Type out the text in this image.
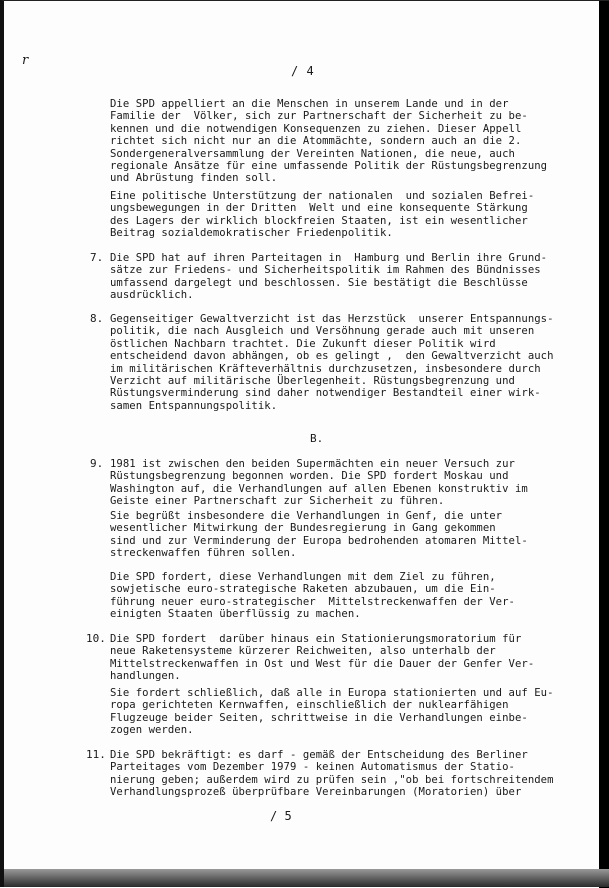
r
/ 4

Die SPD appelliert an die Menschen in unserem Lande und in der
Familie der  Völker, sich zur Partnerschaft der Sicherheit zu be-
kennen und die notwendigen Konsequenzen zu ziehen. Dieser Appell
richtet sich nicht nur an die Atommächte, sondern auch an die 2.
Sondergeneralversammlung der Vereinten Nationen, die neue, auch
regionale Ansätze für eine umfassende Politik der Rüstungsbegrenzung
und Abrüstung finden soll.

Eine politische Unterstützung der nationalen  und sozialen Befrei-
ungsbewegungen in der Dritten  Welt und eine konsequente Stärkung
des Lagers der wirklich blockfreien Staaten, ist ein wesentlicher
Beitrag sozialdemokratischer Friedenpolitik.

7. Die SPD hat auf ihren Parteitagen in  Hamburg und Berlin ihre Grund-
sätze zur Friedens- und Sicherheitspolitik im Rahmen des Bündnisses
umfassend dargelegt und beschlossen. Sie bestätigt die Beschlüsse
ausdrücklich.

8. Gegenseitiger Gewaltverzicht ist das Herzstück  unserer Entspannungs-
politik, die nach Ausgleich und Versöhnung gerade auch mit unseren
östlichen Nachbarn trachtet. Die Zukunft dieser Politik wird
entscheidend davon abhängen, ob es gelingt ,  den Gewaltverzicht auch
im militärischen Kräfteverhältnis durchzusetzen, insbesondere durch
Verzicht auf militärische Überlegenheit. Rüstungsbegrenzung und
Rüstungsverminderung sind daher notwendiger Bestandteil einer wirk-
samen Entspannungspolitik.

B.
9. 1981 ist zwischen den beiden Supermächten ein neuer Versuch zur
Rüstungsbegrenzung begonnen worden. Die SPD fordert Moskau und
Washington auf, die Verhandlungen auf allen Ebenen konstruktiv im
Geiste einer Partnerschaft zur Sicherheit zu führen.

Sie begrüßt insbesondere die Verhandlungen in Genf, die unter
wesentlicher Mitwirkung der Bundesregierung in Gang gekommen
sind und zur Verminderung der Europa bedrohenden atomaren Mittel-
streckenwaffen führen sollen.

Die SPD fordert, diese Verhandlungen mit dem Ziel zu führen,
sowjetische euro-strategische Raketen abzubauen, um die Ein-
führung neuer euro-strategischer  Mittelstreckenwaffen der Ver-
einigten Staaten überflüssig zu machen.

10. Die SPD fordert  darüber hinaus ein Stationierungsmoratorium für
neue Raketensysteme kürzerer Reichweiten, also unterhalb der
Mittelstreckenwaffen in Ost und West für die Dauer der Genfer Ver-
handlungen.

Sie fordert schließlich, daß alle in Europa stationierten und auf Eu-
ropa gerichteten Kernwaffen, einschließlich der nuklearfähigen
Flugzeuge beider Seiten, schrittweise in die Verhandlungen einbe-
zogen werden.

11. Die SPD bekräftigt: es darf - gemäß der Entscheidung des Berliner
Parteitages vom Dezember 1979 - keinen Automatismus der Statio-
nierung geben; außerdem wird zu prüfen sein ,"ob bei fortschreitendem
Verhandlungsprozeß überprüfbare Vereinbarungen (Moratorien) über

/ 5
